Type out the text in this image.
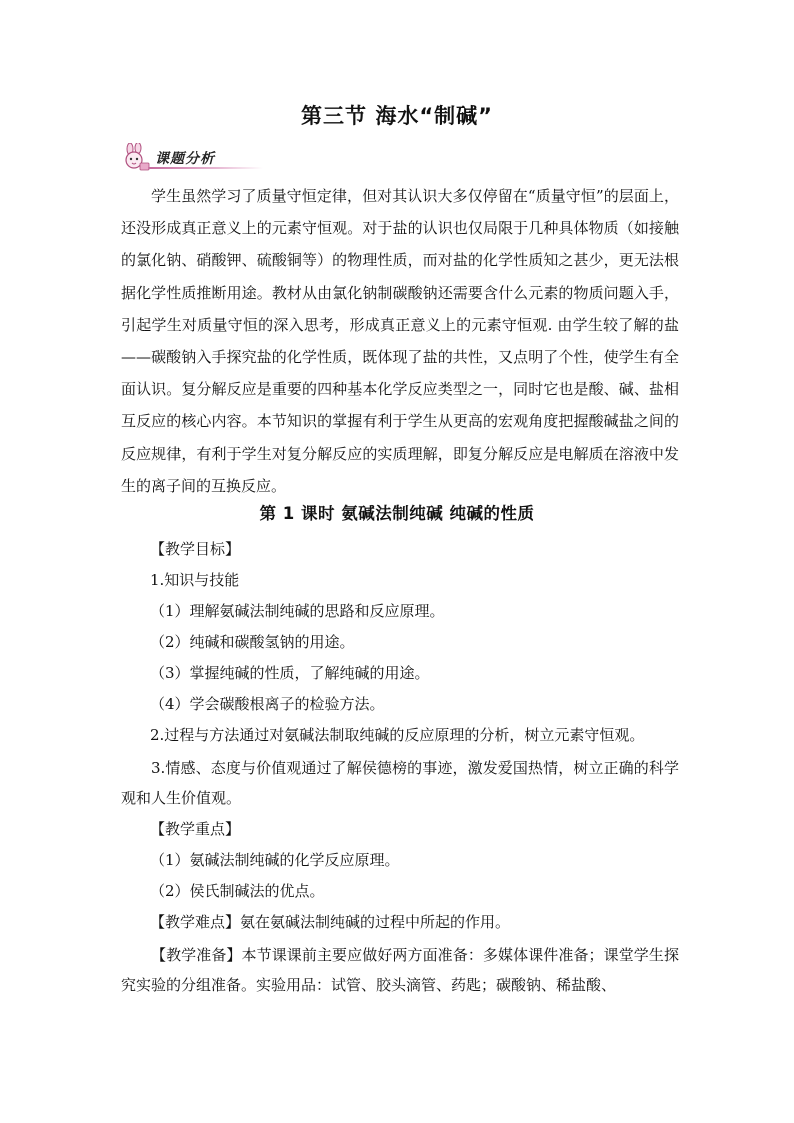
第三节 海水“制碱”
课题分析
学生虽然学习了质量守恒定律，但对其认识大多仅停留在“质量守恒”的层面上，还没形成真正意义上的元素守恒观。对于盐的认识也仅局限于几种具体物质（如接触的氯化钠、硝酸钾、硫酸铜等）的物理性质，而对盐的化学性质知之甚少，更无法根据化学性质推断用途。教材从由氯化钠制碳酸钠还需要含什么元素的物质问题入手，引起学生对质量守恒的深入思考，形成真正意义上的元素守恒观. 由学生较了解的盐——碳酸钠入手探究盐的化学性质，既体现了盐的共性，又点明了个性，使学生有全面认识。复分解反应是重要的四种基本化学反应类型之一，同时它也是酸、碱、盐相互反应的核心内容。本节知识的掌握有利于学生从更高的宏观角度把握酸碱盐之间的反应规律，有利于学生对复分解反应的实质理解，即复分解反应是电解质在溶液中发生的离子间的互换反应。
第 1 课时 氨碱法制纯碱 纯碱的性质
【教学目标】
1.知识与技能
（1）理解氨碱法制纯碱的思路和反应原理。
（2）纯碱和碳酸氢钠的用途。
（3）掌握纯碱的性质，了解纯碱的用途。
（4）学会碳酸根离子的检验方法。
2.过程与方法通过对氨碱法制取纯碱的反应原理的分析，树立元素守恒观。
3.情感、态度与价值观通过了解侯德榜的事迹，激发爱国热情，树立正确的科学观和人生价值观。
【教学重点】
（1）氨碱法制纯碱的化学反应原理。
（2）侯氏制碱法的优点。
【教学难点】氨在氨碱法制纯碱的过程中所起的作用。
【教学准备】本节课课前主要应做好两方面准备：多媒体课件准备；课堂学生探究实验的分组准备。实验用品：试管、胶头滴管、药匙；碳酸钠、稀盐酸、
